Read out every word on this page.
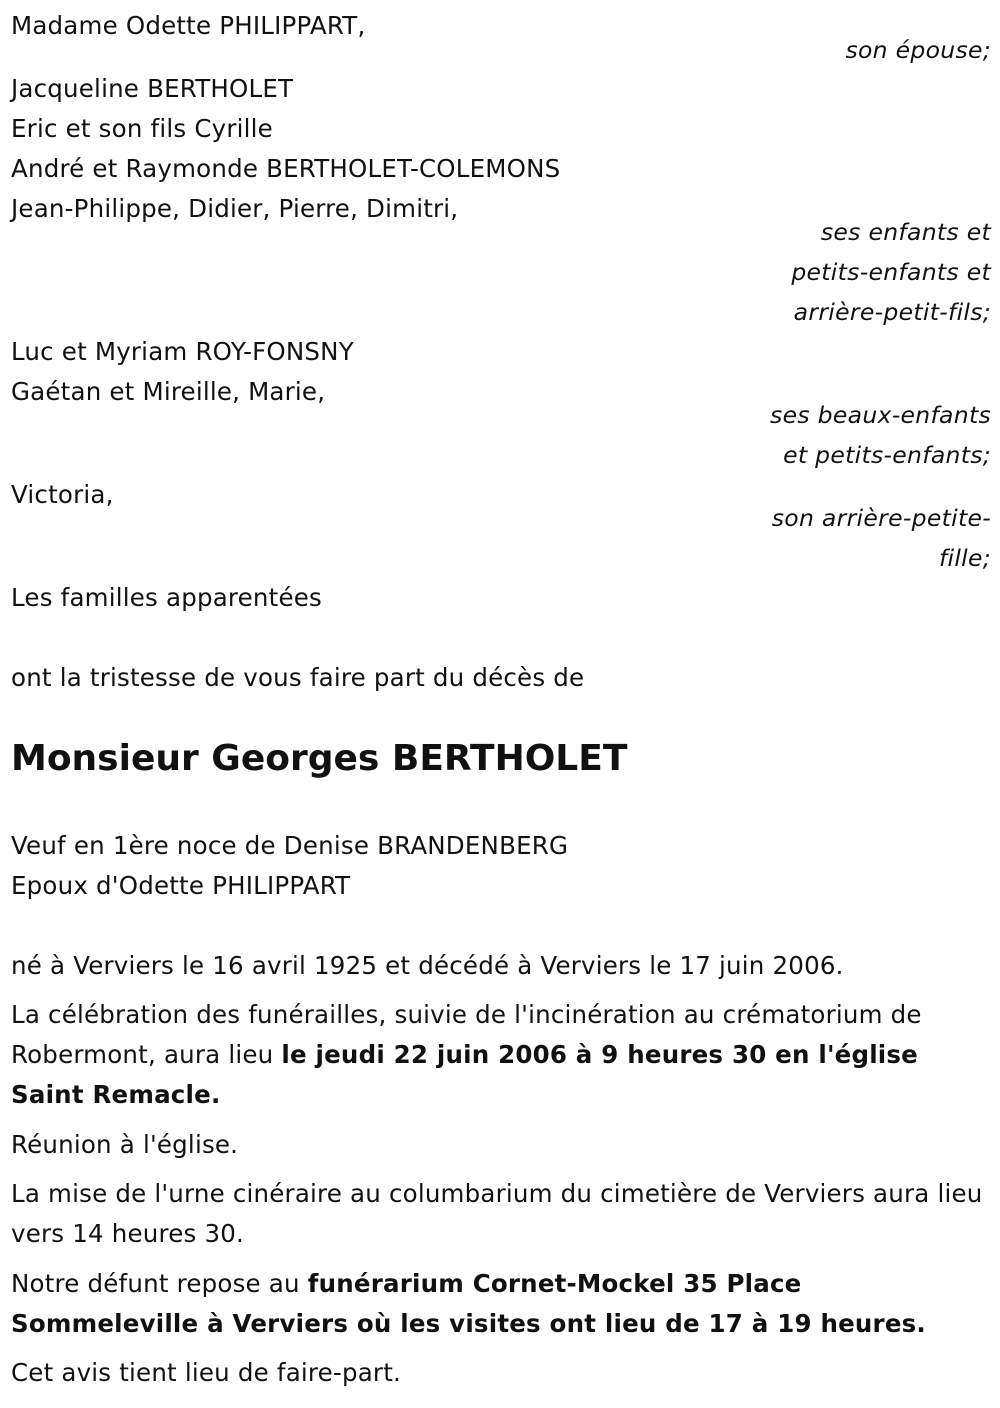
Madame Odette PHILIPPART,
son épouse;
Jacqueline BERTHOLET
Eric et son fils Cyrille
André et Raymonde BERTHOLET-COLEMONS
Jean-Philippe, Didier, Pierre, Dimitri,
ses enfants et
petits-enfants et
arrière-petit-fils;
Luc et Myriam ROY-FONSNY
Gaétan et Mireille, Marie,
ses beaux-enfants
et petits-enfants;
Victoria,
son arrière-petite-
fille;
Les familles apparentées
ont la tristesse de vous faire part du décès de
Monsieur Georges BERTHOLET
Veuf en 1ère noce de Denise BRANDENBERG
Epoux d'Odette PHILIPPART
né à Verviers le 16 avril 1925 et décédé à Verviers le 17 juin 2006.
La célébration des funérailles, suivie de l'incinération au crématorium de Robermont, aura lieu le jeudi 22 juin 2006 à 9 heures 30 en l'église Saint Remacle.
Réunion à l'église.
La mise de l'urne cinéraire au columbarium du cimetière de Verviers aura lieu vers 14 heures 30.
Notre défunt repose au funérarium Cornet-Mockel 35 Place Sommeleville à Verviers où les visites ont lieu de 17 à 19 heures.
Cet avis tient lieu de faire-part.
